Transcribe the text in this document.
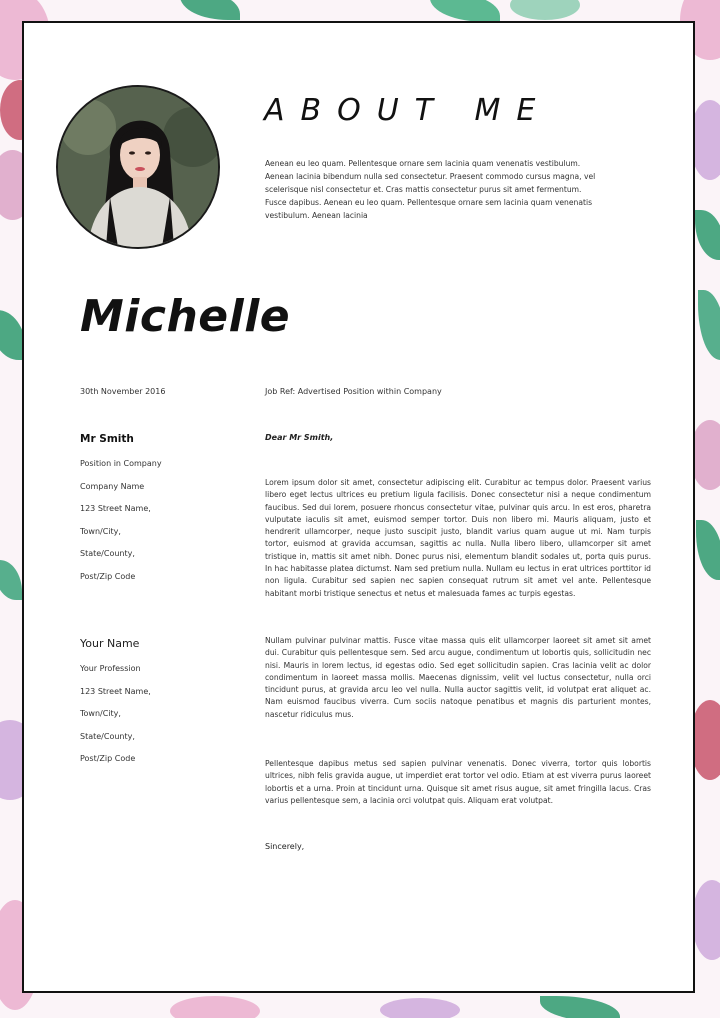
ABOUT ME
Aenean eu leo quam. Pellentesque ornare sem lacinia quam venenatis vestibulum. Aenean lacinia bibendum nulla sed consectetur. Praesent commodo cursus magna, vel scelerisque nisl consectetur et. Cras mattis consectetur purus sit amet fermentum. Fusce dapibus. Aenean eu leo quam. Pellentesque ornare sem lacinia quam venenatis vestibulum. Aenean lacinia
Michelle
30th November 2016	Job Ref: Advertised Position within Company
Mr Smith
Position in Company
Company Name
123 Street Name,
Town/City,
State/County,
Post/Zip Code
Your Name
Your Profession
123 Street Name,
Town/City,
State/County,
Post/Zip Code
Dear Mr Smith,
Lorem ipsum dolor sit amet, consectetur adipiscing elit. Curabitur ac tempus dolor. Praesent varius libero eget lectus ultrices eu pretium ligula facilisis. Donec consectetur nisi a neque condimentum faucibus. Sed dui lorem, posuere rhoncus consectetur vitae, pulvinar quis arcu. In est eros, pharetra vulputate iaculis sit amet, euismod semper tortor. Duis non libero mi. Mauris aliquam, justo et hendrerit ullamcorper, neque justo suscipit justo, blandit varius quam augue ut mi. Nam turpis tortor, euismod at gravida accumsan, sagittis ac nulla. Nulla libero libero, ullamcorper sit amet tristique in, mattis sit amet nibh. Donec purus nisi, elementum blandit sodales ut, porta quis purus. In hac habitasse platea dictumst. Nam sed pretium nulla. Nullam eu lectus in erat ultrices porttitor id non ligula. Curabitur sed sapien nec sapien consequat rutrum sit amet vel ante. Pellentesque habitant morbi tristique senectus et netus et malesuada fames ac turpis egestas.
Nullam pulvinar pulvinar mattis. Fusce vitae massa quis elit ullamcorper laoreet sit amet sit amet dui. Curabitur quis pellentesque sem. Sed arcu augue, condimentum ut lobortis quis, sollicitudin nec nisi. Mauris in lorem lectus, id egestas odio. Sed eget sollicitudin sapien. Cras lacinia velit ac dolor condimentum in laoreet massa mollis. Maecenas dignissim, velit vel luctus consectetur, nulla orci tincidunt purus, at gravida arcu leo vel nulla. Nulla auctor sagittis velit, id volutpat erat aliquet ac. Nam euismod faucibus viverra. Cum sociis natoque penatibus et magnis dis parturient montes, nascetur ridiculus mus.
Pellentesque dapibus metus sed sapien pulvinar venenatis. Donec viverra, tortor quis lobortis ultrices, nibh felis gravida augue, ut imperdiet erat tortor vel odio. Etiam at est viverra purus laoreet lobortis et a urna. Proin at tincidunt urna. Quisque sit amet risus augue, sit amet fringilla lacus. Cras varius pellentesque sem, a lacinia orci volutpat quis. Aliquam erat volutpat.
Sincerely,
